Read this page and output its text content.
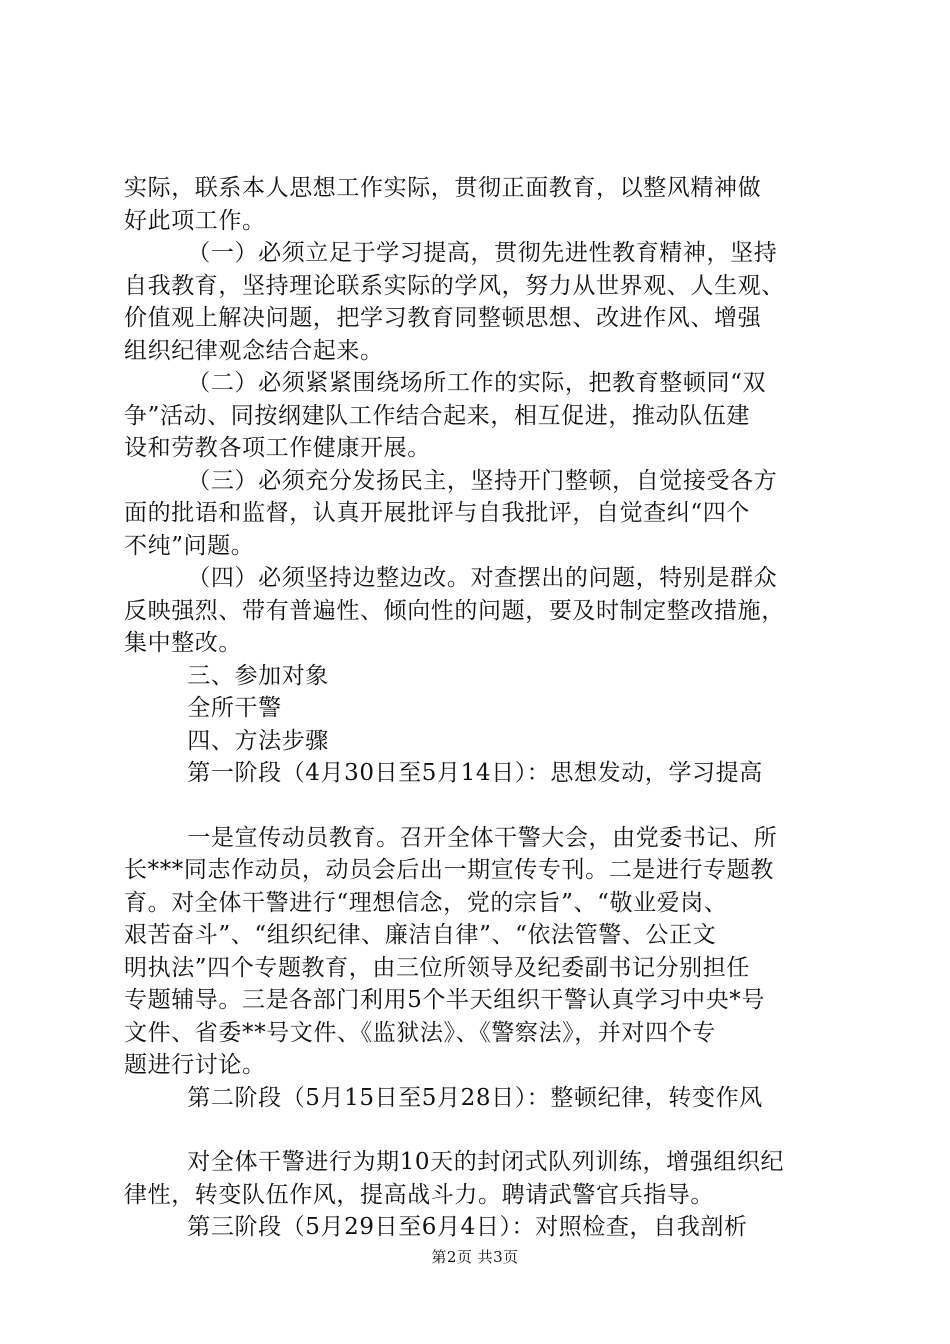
实际，联系本人思想工作实际，贯彻正面教育，以整风精神做
好此项工作。
（一）必须立足于学习提高，贯彻先进性教育精神，坚持
自我教育，坚持理论联系实际的学风，努力从世界观、人生观、
价值观上解决问题，把学习教育同整顿思想、改进作风、增强
组织纪律观念结合起来。
（二）必须紧紧围绕场所工作的实际，把教育整顿同“双
争”活动、同按纲建队工作结合起来，相互促进，推动队伍建
设和劳教各项工作健康开展。
（三）必须充分发扬民主，坚持开门整顿，自觉接受各方
面的批语和监督，认真开展批评与自我批评，自觉查纠“四个
不纯”问题。
（四）必须坚持边整边改。对查摆出的问题，特别是群众
反映强烈、带有普遍性、倾向性的问题，要及时制定整改措施，
集中整改。
三、参加对象
全所干警
四、方法步骤
第一阶段（4月30日至5月14日）：思想发动，学习提高
一是宣传动员教育。召开全体干警大会，由党委书记、所
长***同志作动员，动员会后出一期宣传专刊。二是进行专题教
育。对全体干警进行“理想信念，党的宗旨”、“敬业爱岗、
艰苦奋斗”、“组织纪律、廉洁自律”、“依法管警、公正文
明执法”四个专题教育，由三位所领导及纪委副书记分别担任
专题辅导。三是各部门利用5个半天组织干警认真学习中央*号
文件、省委**号文件、《监狱法》、《警察法》，并对四个专
题进行讨论。
第二阶段（5月15日至5月28日）：整顿纪律，转变作风
对全体干警进行为期10天的封闭式队列训练，增强组织纪
律性，转变队伍作风，提高战斗力。聘请武警官兵指导。
第三阶段（5月29日至6月4日）：对照检查，自我剖析
第2页 共3页
